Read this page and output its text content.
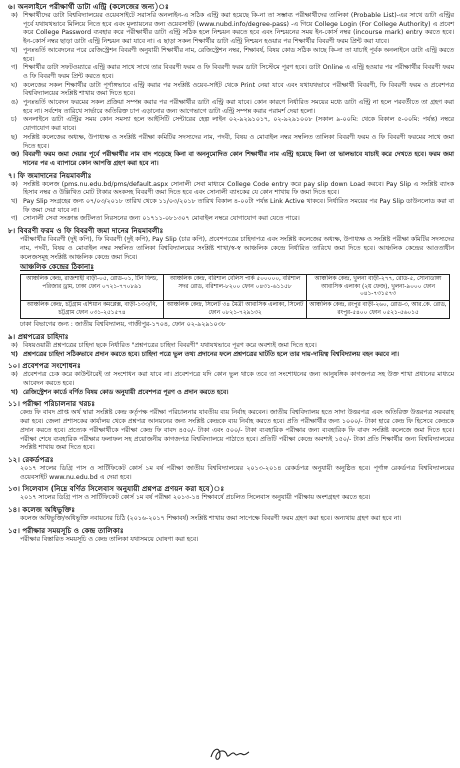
৬। অনলাইনে পরীক্ষার্থী ডাটা এন্ট্রি (কলেজের জন্য)ঃ
ক) শিক্ষার্থীদের ডাটা বিশ্ববিদ্যালয়ের ওয়েবসাইটে সরাসরি অনলাইন-এ সঠিক এন্ট্রি করা হয়েছে কি-না তা সম্ভাব্য পরীক্ষার্থীদের তালিকা (Probable List)-এর সাথে ডাটা এন্ট্রির পূর্বে যথাযথভাবে মিলিয়ে নিতে হবে এবং মূল্যায়নের জন্য ওয়েবসাইট (www.nubd.info/degree-pass) -এ গিয়ে College Login (For College Authority) এ প্রবেশ করে College Password ব্যবহার করে পরীক্ষার্থীর ডাটা এন্ট্রি সঠিক হলে নিশ্চয়ন করতে হবে এবং নিশ্চয়নের সময় ইন-কোর্স নম্বর (incourse mark) entry করতে হবে। ইন-কোর্স নম্বর ছাড়া ডাটা এন্ট্রি নিশ্চয়ন করা যাবে না। এ ছাড়া সকল শিক্ষার্থীর ডাটা এন্ট্রি নিশ্চয়ন হওয়ার পর শিক্ষার্থীর বিবরণী ফরম প্রিন্ট করা যাবে।
খ) পুনঃভর্তি আবেদনের পরে রেজিস্ট্রেশন বিবরণী অনুযায়ী শিক্ষার্থীর নাম, রেজিস্ট্রেশন নম্বর, শিক্ষাবর্ষ, বিষয় কোড সঠিক আছে কি-না তা যাচাই পূর্বক অনলাইনে ডাটা এন্ট্রি করতে হবে।
গ) শিক্ষার্থীর ডাটা সফটওয়্যারে এন্ট্রি করার সাথে সাথে তার বিবরণী ফরম ও ফি বিবরণী ফরম ডাটা সিস্টেমে পূরণ হবে। ডাটা Online এ এন্ট্রি হওয়ার পর পরীক্ষার্থীর বিবরণী ফরম ও ফি বিবরণী ফরম প্রিন্ট করতে হবে।
ঘ) কলেজের সকল শিক্ষার্থীর ডাটা পূর্ণাঙ্গভাবে এন্ট্রি করার পর সংশ্লিষ্ট ওয়েব-সাইট থেকে Print নেয়া যাবে এবং যথাযথভাবে পরীক্ষার্থী বিবরণী, ফি বিবরণী ফরম ও প্রবেশপত্র বিশ্ববিদ্যালয়ের সংশ্লিষ্ট শাখায় জমা দিতে হবে।
ঙ) পুনঃভর্তি আবেদন ফরমের সকল প্রক্রিয়া সম্পন্ন করার পর পরীক্ষার্থীর ডাটা এন্ট্রি করা যাবে। কোন কারণে নির্ধারিত সময়ের মধ্যে ডাটা এন্ট্রি না হলে পরবর্তীতে তা গ্রহণ করা হবে না। সর্বশেষ তারিখে সার্ভারে অতিরিক্ত চাপ এড়ানোর জন্য আগেভাগে ডাটা এন্ট্রি সম্পন্ন করার পরামর্শ দেয়া হলো।
চ) অনলাইনে ডাটা এন্ট্রির সময় কোন সমস্যা হলে আইসিটি সেন্টারের হেল্প লাইন ০২-৯২৯১০১৭, ০২-৯২৯১০০৮ (সকাল ৯-০০মি: থেকে বিকাল ৫-০০মি: পর্যন্ত) নম্বরে যোগাযোগ করা যাবে।
ছ) সংশ্লিষ্ট কলেজের অধ্যক্ষ, উপাধ্যক্ষ ও সংশ্লিষ্ট পরীক্ষা কমিটির সদস্যদের নাম, পদবী, বিষয় ও মোবাইল নম্বর সম্বলিত তালিকা বিবরণী ফরম ও ফি বিবরণী ফরমের সাথে জমা দিতে হবে।
জ) বিবরণী ফরম জমা দেয়ার পূর্বে পরীক্ষার্থীর নাম বাদ পড়েছে কিনা বা অননুমোদিত কোন শিক্ষার্থীর নাম এন্ট্রি হয়েছে কিনা তা ভালভাবে যাচাই করে দেখতে হবে। ফরম জমা দানের পর এ ব্যাপারে কোন আপত্তি গ্রহণ করা হবে না।
৭। ফি জমাদানের নিয়মাবলীঃ
ক) সংশ্লিষ্ট কলেজ (pms.nu.edu.bd/pms/default.aspx সোনালী সেবা মাধ্যমে College Code entry করে pay slip down Load করবে। Pay Slip এ সংশ্লিষ্ট ব্যাংক হিসাব নম্বর ও উল্লিখিত মোট টাকার অংকসহ বিবরণী জমা দিতে হবে এবং সোনালী ব্যাংকের যে কোন শাখায় ফি জমা দিতে হবে।
খ) Pay Slip সংগ্রহের জন্য ০৭/০৩/২০১৮ তারিখ থেকে ১১/০৩/২০১৮ তারিখ বিকাল ৪-০০টা পর্যন্ত Link Active থাকবে। নির্ধারিত সময়ের পর Pay Slip ডাউনলোড করা বা ফি জমা দেয়া যাবে না।
গ) সোনালী সেবা সংক্রান্ত জটিলতা নিরসনের জন্য ০১৭১১-০৮১৩০৭ মোবাইল নম্বরে যোগাযোগ করা যেতে পারে।
৮। বিবরণী ফরম ও ফি বিবরণী জমা দানের নিয়মাবলীঃ
পরীক্ষার্থীর বিবরণী (দুই কপি), ফি বিবরণী (দুই কপি), Pay Slip (চার কপি), প্রবেশপত্রের চাহিদাপত্র এবং সংশ্লিষ্ট কলেজের অধ্যক্ষ, উপাধ্যক্ষ ও সংশ্লিষ্ট পরীক্ষা কমিটির সদস্যদের নাম, পদবী, বিষয় ও মোবাইল নম্বর সম্বলিত তালিকা বিশ্ববিদ্যালয়ের সংশ্লিষ্ট শাখা/স্ব-স্ব আঞ্চলিক কেন্দ্রে নির্ধারিত তারিখে জমা দিতে হবে। আঞ্চলিক কেন্দ্রের আওতাধীন কলেজসমূহ সংশ্লিষ্ট আঞ্চলিক কেন্দ্রে জমা দিবে।
আঞ্চলিক কেন্দ্রের ঠিকানাঃ
আঞ্চলিক কেন্দ্র, রাজশাহী বাড়ী-০৫, রোড-০১, টিন ফিল্ড, পরিজার ড্রাম, ঢাকা ফোন ০৭২১-৭৭০৮৯১	আঞ্চলিক কেন্দ্র, বরিশাল বেলিস পার্ক ৫০০০০০, বরিশাল সদর রোড, বরিশাল-৮২০০ ফোন ০৪৩১-৬১১৫৮	আঞ্চলিক কেন্দ্র, খুলনা বাড়ী-২৭৭, রোড-৫, সোনাডাঙ্গা আবাসিক এলাকা (২য় ফেজ), খুলনা-৯০০০ ফোন ০৪১-৭৩১৫৭৩
আঞ্চলিক কেন্দ্র, চট্টগ্রাম এশিয়ান কমপ্লেক্স, বাড়ী-১৩৩/বি, চট্টগ্রাম ফোন ০৩১-২৫১৫৭৪	আঞ্চলিক কেন্দ্র, সিলেট ৩৪ মৈত্রী আবাসিক এলাকা, সিলেট ফোন ০৮২১-৭২৯১৩২	আঞ্চলিক কেন্দ্র, রংপুর বাড়ী-২৬০, রোড-৩, আর.কে. রোড, রংপুর-৫৪০০ ফোন ০৫২১-৫৬০১৫
ঢাকা বিভাগের জন্য : জাতীয় বিশ্ববিদ্যালয়, গাজীপুর-১৭০৪, ফোন ০২-৯২৯১০৩৮
৯। প্রশ্নপত্রের চাহিদাঃ
ক) বিষয়ওয়ারী প্রশ্নপত্রের চাহিদা ছকে নির্ধারিত "প্রশ্নপত্রের চাহিদা বিবরণী" যথাযথভাবে পূরণ করে অবশ্যই জমা দিতে হবে।
খ) প্রশ্নপত্রের চাহিদা সঠিকভাবে প্রদান করতে হবে। চাহিদা পত্রে ভুল তথ্য প্রদানের ফলে প্রশ্নপত্রের ঘাটতি হলে তার দায়-দায়িত্ব বিশ্ববিদ্যালয় বহন করবে না।
১০। প্রবেশপত্র সংশোধনঃ
ক) প্রবেশপত্র চেক করে কাউন্টারেই তা সংশোধন করা যাবে না। প্রবেশপত্রে যদি কোন ভুল থাকে তবে তা সংশোধনের জন্য আনুষঙ্গিক কাগজপত্র সহ উক্ত শাখা প্রধানের মাধ্যমে আবেদন করতে হবে।
খ) রেজিস্ট্রেশন কার্ডে বর্ণিত বিষয় কোড অনুযায়ী প্রবেশপত্র পূরণ ও প্রদান করতে হবে।
১১। পরীক্ষা পরিচালনার খরচঃ
কেন্দ্র ফি বাবদ প্রাপ্ত অর্থ দ্বারা সংশ্লিষ্ট কেন্দ্র কর্তৃপক্ষ পরীক্ষা পরিচালনার যাবতীয় ব্যয় নির্বাহ করবেন। জাতীয় বিশ্ববিদ্যালয় হতে সাদা উত্তরপত্র এবং অতিরিক্ত উত্তরপত্র সরবরাহ করা হবে। জেলা প্রশাসকের কার্যালয় থেকে প্রশ্নপত্র আনয়নের জন্য সংশ্লিষ্ট কেন্দ্রকে ব্যয় নির্বাহ করতে হবে। প্রতি পরীক্ষার্থীর জন্য ১০০০/- টাকা হারে কেন্দ্র ফি হিসেবে কেন্দ্রকে প্রদান করতে হবে। প্রত্যেক পরীক্ষার্থীকে পরীক্ষা কেন্দ্র ফি বাবদ ৪৫০/- টাকা এবং ৫০০/- টাকা ব্যবহারিক পরীক্ষার জন্য ব্যবহারিক ফি বাবদ সংশ্লিষ্ট কলেজে জমা দিতে হবে। পরীক্ষা শেষে ব্যবহারিক পরীক্ষার ফলাফল সহ প্রয়োজনীয় কাগজপত্র বিশ্ববিদ্যালয়ে পাঠাতে হবে। প্রতিটি পরীক্ষা কেন্দ্রে অবশ্যই ১৫০/- টাকা প্রতি শিক্ষার্থীর জন্য বিশ্ববিদ্যালয়ের সংশ্লিষ্ট শাখায় জমা দিতে হবে।
১২। রেকর্ডপত্রঃ
২০১৭ সালের ডিগ্রি পাস ও সার্টিফিকেট কোর্স ১ম বর্ষ পরীক্ষা জাতীয় বিশ্ববিদ্যালয়ের ২০১৩-২০১৪ রেকর্ডপত্র অনুযায়ী অনুষ্ঠিত হবে। পূর্ণাঙ্গ রেকর্ডপত্র বিশ্ববিদ্যালয়ের ওয়েবসাইট www.nu.edu.bd এ দেয়া হবে।
১৩। সিলেবাস (নিম্নে বর্ণিত সিলেবাস অনুযায়ী প্রশ্নপত্র প্রণয়ন করা হবে)ঃ
২০১৭ সালের ডিগ্রি পাস ও সার্টিফিকেট কোর্স ১ম বর্ষ পরীক্ষা ২০১৩-১৪ শিক্ষাবর্ষে প্রচলিত সিলেবাস অনুযায়ী পরীক্ষায় অংশগ্রহণ করতে হবে।
১৪। কলেজ অধিভুক্তিঃ
কলেজ অধিভুক্তি/অধিভুক্তি নবায়নের চিঠি (২০১৬-২০১৭ শিক্ষাবর্ষ) সংশ্লিষ্ট শাখায় জমা সাপেক্ষে বিবরণী ফরম গ্রহণ করা হবে। অন্যথায় গ্রহণ করা হবে না।
১৫। পরীক্ষার সময়সূচি ও কেন্দ্র তালিকাঃ
পরীক্ষার বিস্তারিত সময়সূচি ও কেন্দ্র তালিকা যথাসময়ে ঘোষণা করা হবে।
